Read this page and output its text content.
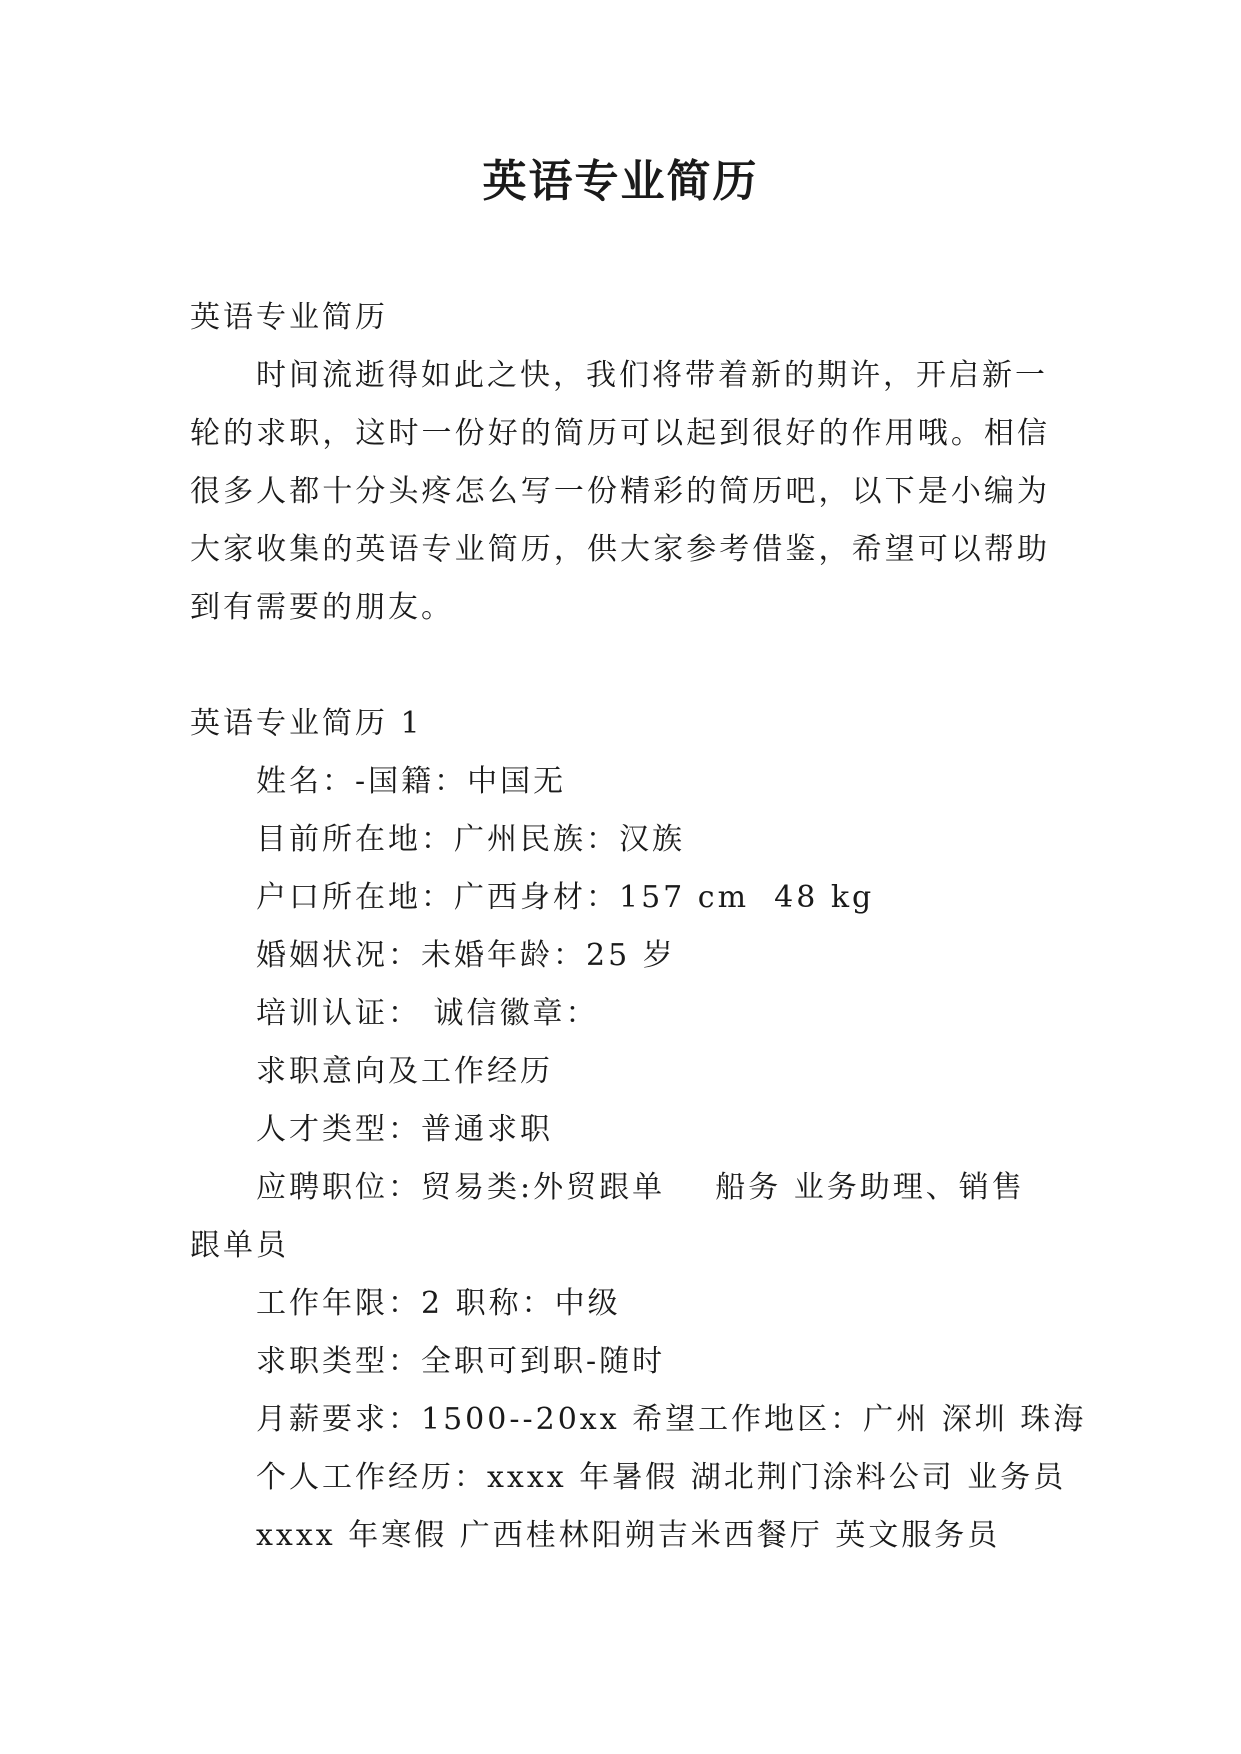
英语专业简历
英语专业简历
时间流逝得如此之快，我们将带着新的期许，开启新一
轮的求职，这时一份好的简历可以起到很好的作用哦。相信
很多人都十分头疼怎么写一份精彩的简历吧，以下是小编为
大家收集的英语专业简历，供大家参考借鉴，希望可以帮助
到有需要的朋友。
英语专业简历 1
姓名：-国籍：中国无
目前所在地：广州民族：汉族
户口所在地：广西身材：157 cm  48 kg
婚姻状况：未婚年龄：25 岁
培训认证： 诚信徽章：
求职意向及工作经历
人才类型：普通求职
应聘职位：贸易类:外贸跟单    船务 业务助理、销售
跟单员
工作年限：2 职称：中级
求职类型：全职可到职-随时
月薪要求：1500--20xx 希望工作地区：广州 深圳 珠海
个人工作经历：xxxx 年暑假 湖北荆门涂料公司 业务员
xxxx 年寒假 广西桂林阳朔吉米西餐厅 英文服务员
